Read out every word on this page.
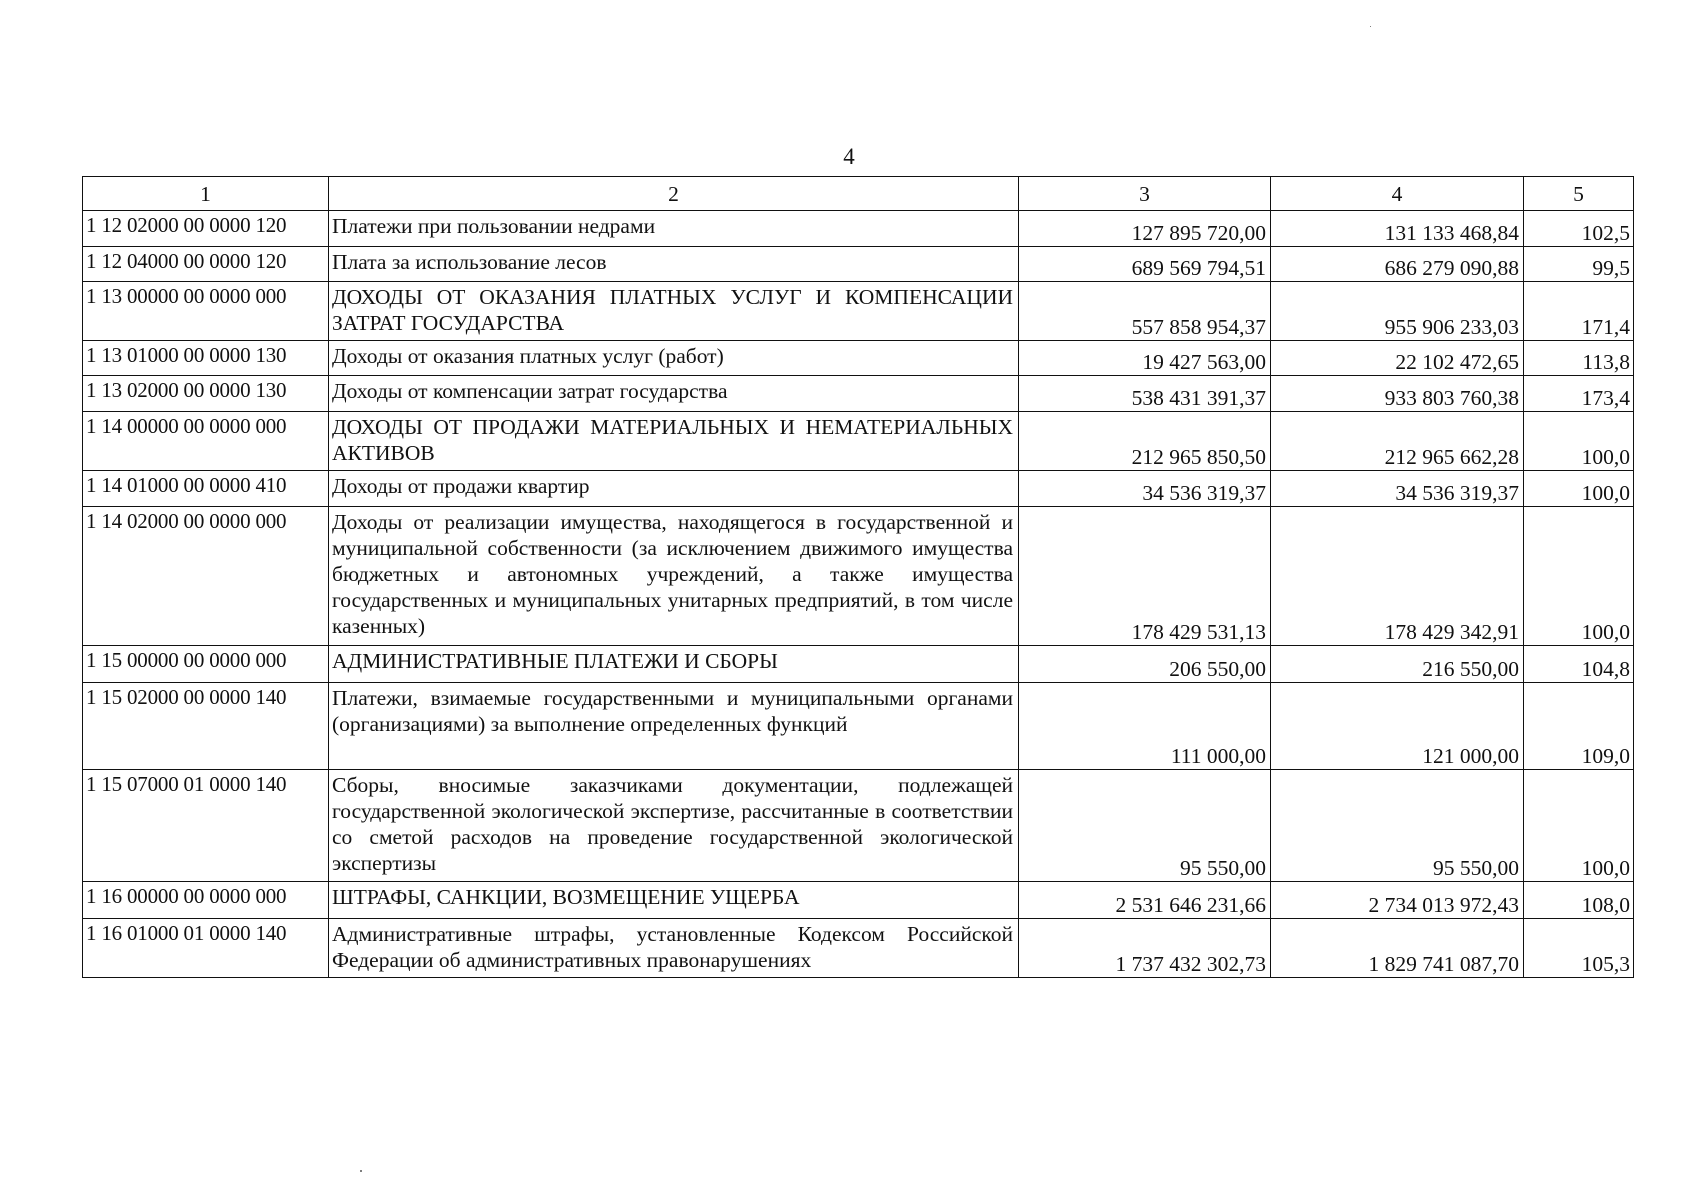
4
1	2	3	4	5
1 12 02000 00 0000 120	Платежи при пользовании недрами	127 895 720,00	131 133 468,84	102,5
1 12 04000 00 0000 120	Плата за использование лесов	689 569 794,51	686 279 090,88	99,5
1 13 00000 00 0000 000	ДОХОДЫ ОТ ОКАЗАНИЯ ПЛАТНЫХ УСЛУГ И КОМПЕНСАЦИИ ЗАТРАТ ГОСУДАРСТВА	557 858 954,37	955 906 233,03	171,4
1 13 01000 00 0000 130	Доходы от оказания платных услуг (работ)	19 427 563,00	22 102 472,65	113,8
1 13 02000 00 0000 130	Доходы от компенсации затрат государства	538 431 391,37	933 803 760,38	173,4
1 14 00000 00 0000 000	ДОХОДЫ ОТ ПРОДАЖИ МАТЕРИАЛЬНЫХ И НЕМАТЕРИАЛЬНЫХ АКТИВОВ	212 965 850,50	212 965 662,28	100,0
1 14 01000 00 0000 410	Доходы от продажи квартир	34 536 319,37	34 536 319,37	100,0
1 14 02000 00 0000 000	Доходы от реализации имущества, находящегося в государственной и муниципальной собственности (за исключением движимого имущества бюджетных и автономных учреждений, а также имущества государственных и муниципальных унитарных предприятий, в том числе казенных)	178 429 531,13	178 429 342,91	100,0
1 15 00000 00 0000 000	АДМИНИСТРАТИВНЫЕ ПЛАТЕЖИ И СБОРЫ	206 550,00	216 550,00	104,8
1 15 02000 00 0000 140	Платежи, взимаемые государственными и муниципальными органами (организациями) за выполнение определенных функций	111 000,00	121 000,00	109,0
1 15 07000 01 0000 140	Сборы, вносимые заказчиками документации, подлежащей государственной экологической экспертизе, рассчитанные в соответствии со сметой расходов на проведение государственной экологической экспертизы	95 550,00	95 550,00	100,0
1 16 00000 00 0000 000	ШТРАФЫ, САНКЦИИ, ВОЗМЕЩЕНИЕ УЩЕРБА	2 531 646 231,66	2 734 013 972,43	108,0
1 16 01000 01 0000 140	Административные штрафы, установленные Кодексом Российской Федерации об административных правонарушениях	1 737 432 302,73	1 829 741 087,70	105,3
